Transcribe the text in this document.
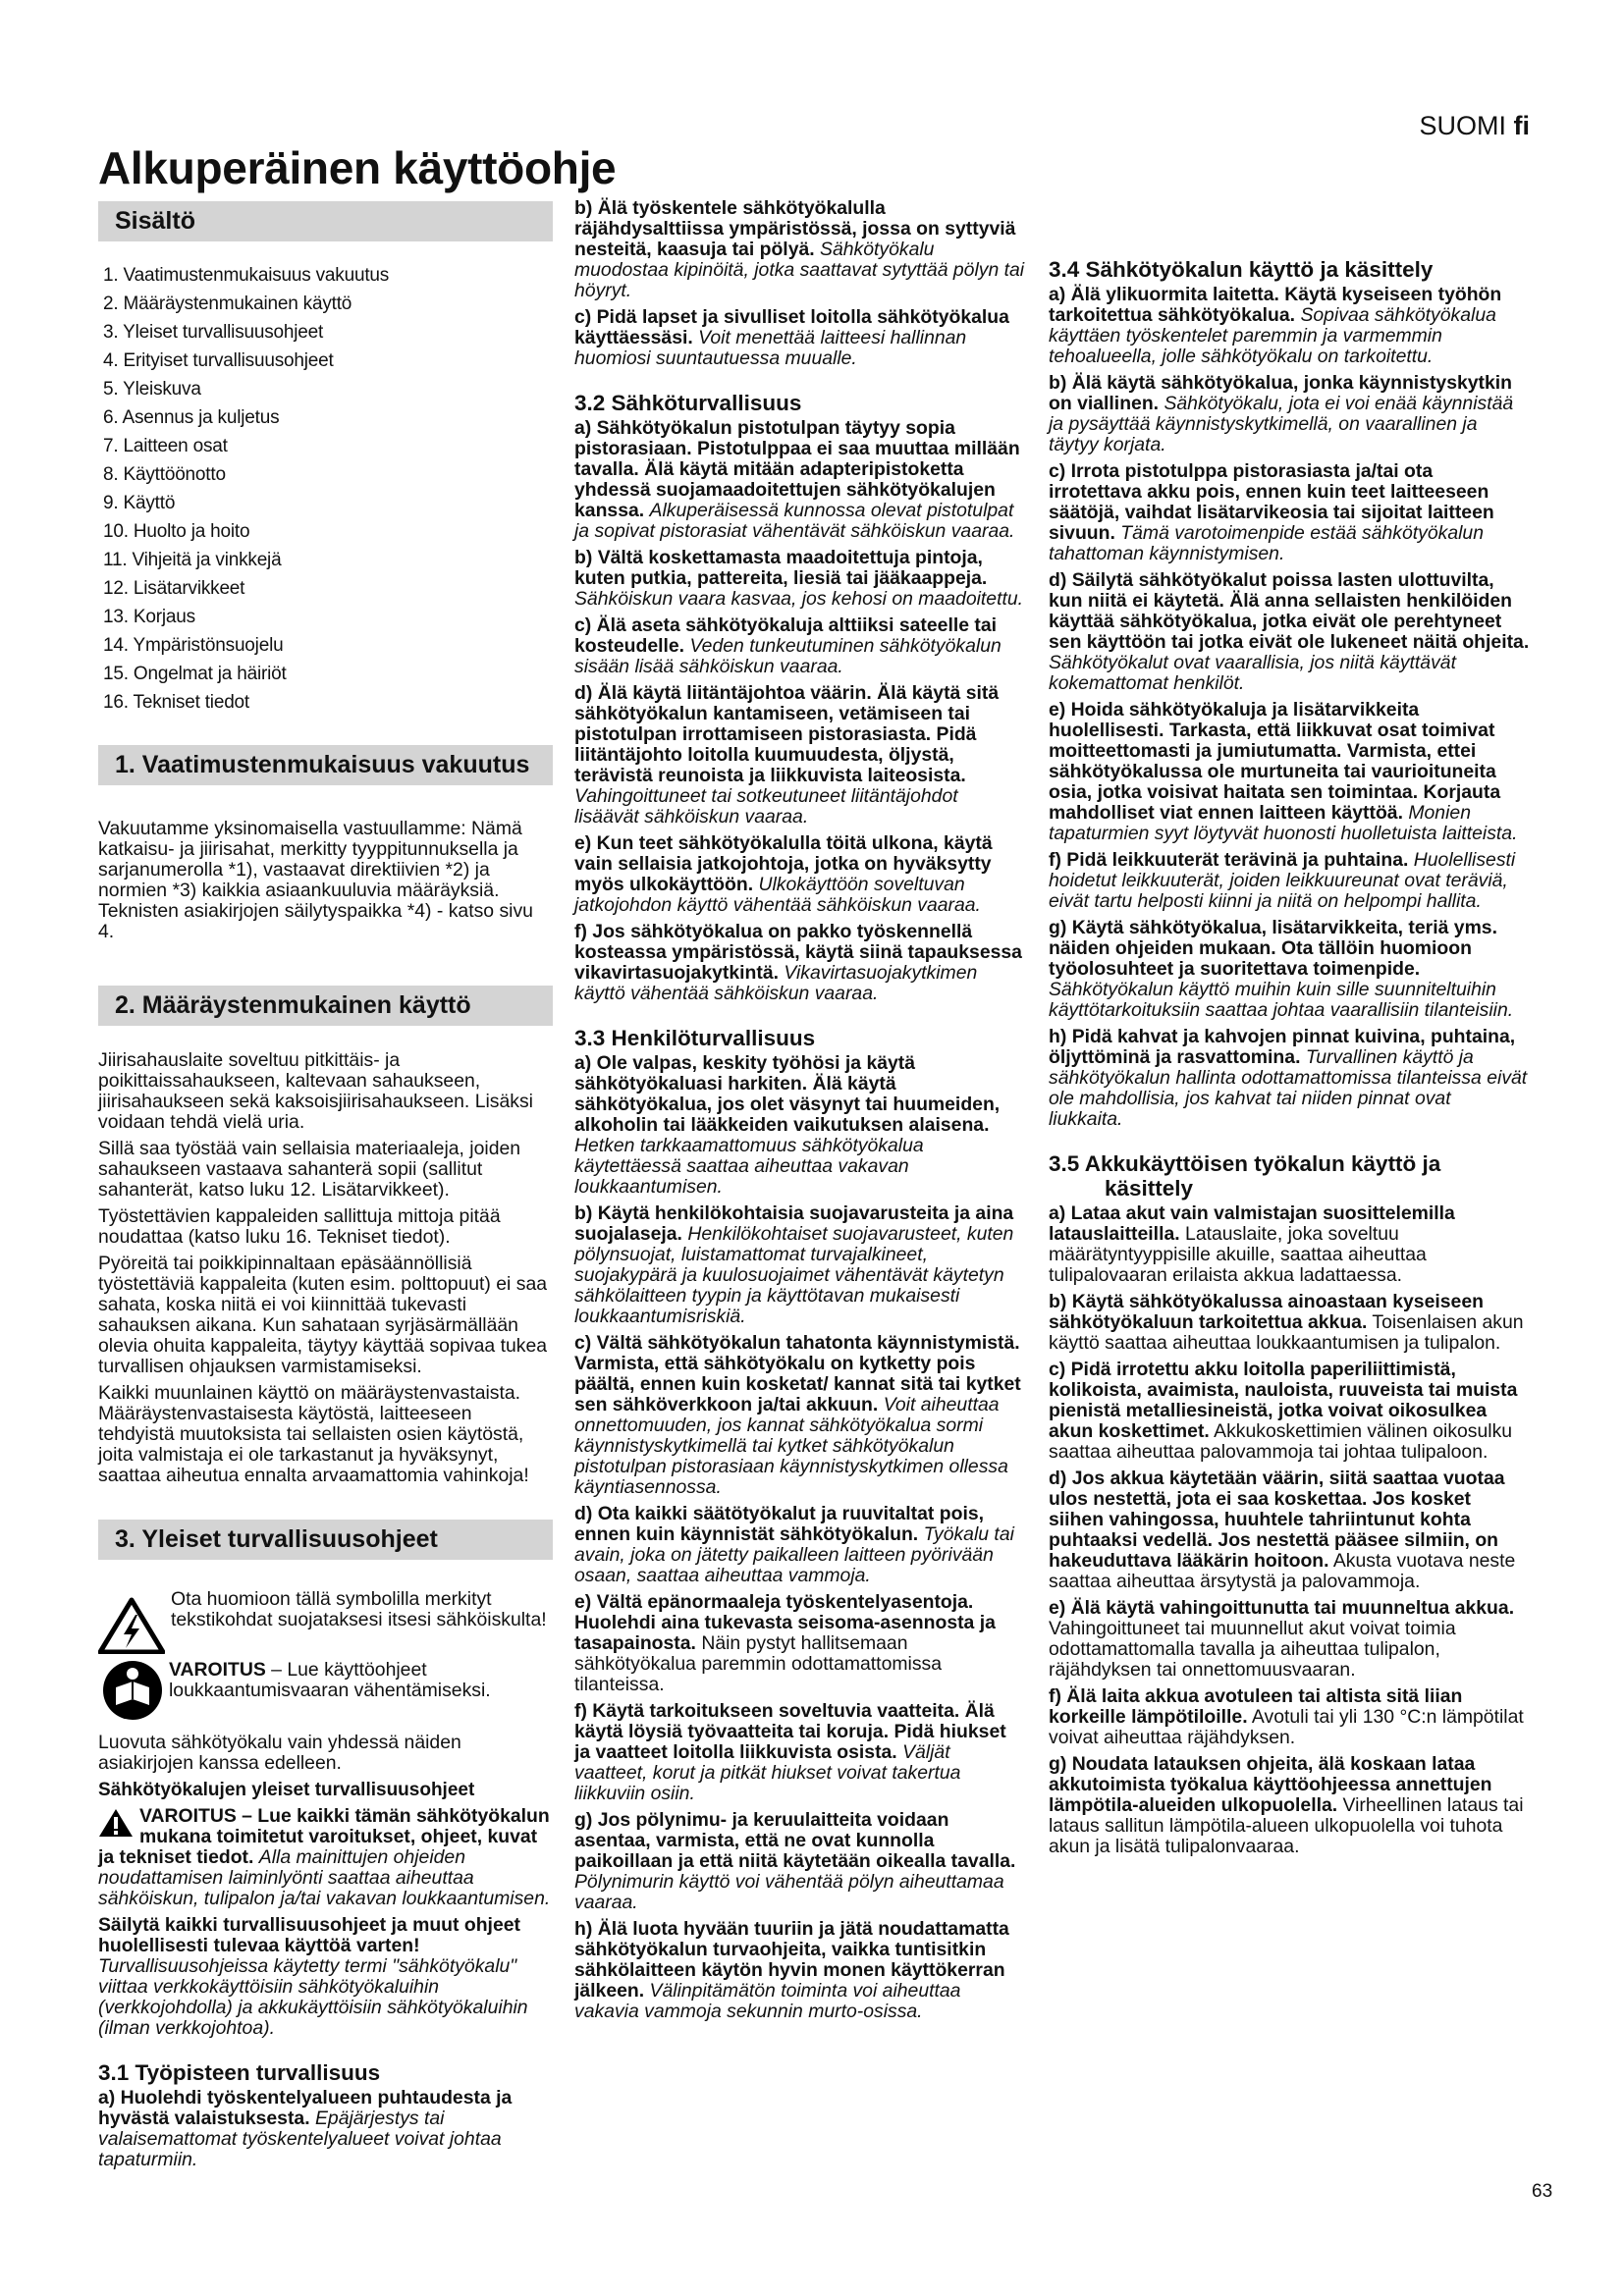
SUOMI fi
Alkuperäinen käyttöohje
63
Sisältö
1. Vaatimustenmukaisuus vakuutus
2. Määräystenmukainen käyttö
3. Yleiset turvallisuusohjeet
4. Erityiset turvallisuusohjeet
5. Yleiskuva
6. Asennus ja kuljetus
7. Laitteen osat
8. Käyttöönotto
9. Käyttö
10. Huolto ja hoito
11. Vihjeitä ja vinkkejä
12. Lisätarvikkeet
13. Korjaus
14. Ympäristönsuojelu
15. Ongelmat ja häiriöt
16. Tekniset tiedot
1. Vaatimustenmukaisuus vakuutus
Vakuutamme yksinomaisella vastuullamme: Nämä katkaisu- ja jiirisahat, merkitty tyyppitunnuksella ja sarjanumerolla *1), vastaavat direktiivien *2) ja normien *3) kaikkia asiaankuuluvia määräyksiä. Teknisten asiakirjojen säilytyspaikka *4) - katso sivu 4.
2. Määräystenmukainen käyttö
Jiirisahauslaite soveltuu pitkittäis- ja poikittaissahaukseen, kaltevaan sahaukseen, jiirisahaukseen sekä kaksoisjiirisahaukseen. Lisäksi voidaan tehdä vielä uria.
Sillä saa työstää vain sellaisia materiaaleja, joiden sahaukseen vastaava sahanterä sopii (sallitut sahanterät, katso luku 12. Lisätarvikkeet).
Työstettävien kappaleiden sallittuja mittoja pitää noudattaa (katso luku 16. Tekniset tiedot).
Pyöreitä tai poikkipinnaltaan epäsäännöllisiä työstettäviä kappaleita (kuten esim. polttopuut) ei saa sahata, koska niitä ei voi kiinnittää tukevasti sahauksen aikana. Kun sahataan syrjäsärmällään olevia ohuita kappaleita, täytyy käyttää sopivaa tukea turvallisen ohjauksen varmistamiseksi.
Kaikki muunlainen käyttö on määräystenvastaista. Määräystenvastaisesta käytöstä, laitteeseen tehdyistä muutoksista tai sellaisten osien käytöstä, joita valmistaja ei ole tarkastanut ja hyväksynyt, saattaa aiheutua ennalta arvaamattomia vahinkoja!
3. Yleiset turvallisuusohjeet
Ota huomioon tällä symbolilla merkityt tekstikohdat suojataksesi itsesi sähköiskulta!
VAROITUS – Lue käyttöohjeet loukkaantumisvaaran vähentämiseksi.
Luovuta sähkötyökalu vain yhdessä näiden asiakirjojen kanssa edelleen.
Sähkötyökalujen yleiset turvallisuusohjeet
VAROITUS – Lue kaikki tämän sähkötyökalun mukana toimitetut varoitukset, ohjeet, kuvat ja tekniset tiedot. Alla mainittujen ohjeiden noudattamisen laiminlyönti saattaa aiheuttaa sähköiskun, tulipalon ja/tai vakavan loukkaantumisen.
Säilytä kaikki turvallisuusohjeet ja muut ohjeet huolellisesti tulevaa käyttöä varten! Turvallisuusohjeissa käytetty termi "sähkötyökalu" viittaa verkkokäyttöisiin sähkötyökaluihin (verkkojohdolla) ja akkukäyttöisiin sähkötyökaluihin (ilman verkkojohtoa).
3.1 Työpisteen turvallisuus
a) Huolehdi työskentelyalueen puhtaudesta ja hyvästä valaistuksesta. Epäjärjestys tai valaisemattomat työskentelyalueet voivat johtaa tapaturmiin.
b) Älä työskentele sähkötyökalulla räjähdysalttiissa ympäristössä, jossa on syttyviä nesteitä, kaasuja tai pölyä. Sähkötyökalu muodostaa kipinöitä, jotka saattavat sytyttää pölyn tai höyryt.
c) Pidä lapset ja sivulliset loitolla sähkötyökalua käyttäessäsi. Voit menettää laitteesi hallinnan huomiosi suuntautuessa muualle.
3.2 Sähköturvallisuus
a) Sähkötyökalun pistotulpan täytyy sopia pistorasiaan. Pistotulppaa ei saa muuttaa millään tavalla. Älä käytä mitään adapteripistoketta yhdessä suojamaadoitettujen sähkötyökalujen kanssa. Alkuperäisessä kunnossa olevat pistotulpat ja sopivat pistorasiat vähentävät sähköiskun vaaraa.
b) Vältä koskettamasta maadoitettuja pintoja, kuten putkia, pattereita, liesiä tai jääkaappeja. Sähköiskun vaara kasvaa, jos kehosi on maadoitettu.
c) Älä aseta sähkötyökaluja alttiiksi sateelle tai kosteudelle. Veden tunkeutuminen sähkötyökalun sisään lisää sähköiskun vaaraa.
d) Älä käytä liitäntäjohtoa väärin. Älä käytä sitä sähkötyökalun kantamiseen, vetämiseen tai pistotulpan irrottamiseen pistorasiasta. Pidä liitäntäjohto loitolla kuumuudesta, öljystä, terävistä reunoista ja liikkuvista laiteosista. Vahingoittuneet tai sotkeutuneet liitäntäjohdot lisäävät sähköiskun vaaraa.
e) Kun teet sähkötyökalulla töitä ulkona, käytä vain sellaisia jatkojohtoja, jotka on hyväksytty myös ulkokäyttöön. Ulkokäyttöön soveltuvan jatkojohdon käyttö vähentää sähköiskun vaaraa.
f) Jos sähkötyökalua on pakko työskennellä kosteassa ympäristössä, käytä siinä tapauksessa vikavirtasuojakytkintä. Vikavirtasuojakytkimen käyttö vähentää sähköiskun vaaraa.
3.3 Henkilöturvallisuus
a) Ole valpas, keskity työhösi ja käytä sähkötyökaluasi harkiten. Älä käytä sähkötyökalua, jos olet väsynyt tai huumeiden, alkoholin tai lääkkeiden vaikutuksen alaisena. Hetken tarkkaamattomuus sähkötyökalua käytettäessä saattaa aiheuttaa vakavan loukkaantumisen.
b) Käytä henkilökohtaisia suojavarusteita ja aina suojalaseja. Henkilökohtaiset suojavarusteet, kuten pölynsuojat, luistamattomat turvajalkineet, suojakypärä ja kuulosuojaimet vähentävät käytetyn sähkölaitteen tyypin ja käyttötavan mukaisesti loukkaantumisriskiä.
c) Vältä sähkötyökalun tahatonta käynnistymistä. Varmista, että sähkötyökalu on kytketty pois päältä, ennen kuin kosketat/ kannat sitä tai kytket sen sähköverkkoon ja/tai akkuun. Voit aiheuttaa onnettomuuden, jos kannat sähkötyökalua sormi käynnistyskytkimellä tai kytket sähkötyökalun pistotulpan pistorasiaan käynnistyskytkimen ollessa käyntiasennossa.
d) Ota kaikki säätötyökalut ja ruuvitaltat pois, ennen kuin käynnistät sähkötyökalun. Työkalu tai avain, joka on jätetty paikalleen laitteen pyörivään osaan, saattaa aiheuttaa vammoja.
e) Vältä epänormaaleja työskentelyasentoja. Huolehdi aina tukevasta seisoma-asennosta ja tasapainosta. Näin pystyt hallitsemaan sähkötyökalua paremmin odottamattomissa tilanteissa.
f) Käytä tarkoitukseen soveltuvia vaatteita. Älä käytä löysiä työvaatteita tai koruja. Pidä hiukset ja vaatteet loitolla liikkuvista osista. Väljät vaatteet, korut ja pitkät hiukset voivat takertua liikkuviin osiin.
g) Jos pölynimu- ja keruulaitteita voidaan asentaa, varmista, että ne ovat kunnolla paikoillaan ja että niitä käytetään oikealla tavalla. Pölynimurin käyttö voi vähentää pölyn aiheuttamaa vaaraa.
h) Älä luota hyvään tuuriin ja jätä noudattamatta sähkötyökalun turvaohjeita, vaikka tuntisitkin sähkölaitteen käytön hyvin monen käyttökerran jälkeen. Välinpitämätön toiminta voi aiheuttaa vakavia vammoja sekunnin murto-osissa.
3.4 Sähkötyökalun käyttö ja käsittely
a) Älä ylikuormita laitetta. Käytä kyseiseen työhön tarkoitettua sähkötyökalua. Sopivaa sähkötyökalua käyttäen työskentelet paremmin ja varmemmin tehoalueella, jolle sähkötyökalu on tarkoitettu.
b) Älä käytä sähkötyökalua, jonka käynnistyskytkin on viallinen. Sähkötyökalu, jota ei voi enää käynnistää ja pysäyttää käynnistyskytkimellä, on vaarallinen ja täytyy korjata.
c) Irrota pistotulppa pistorasiasta ja/tai ota irrotettava akku pois, ennen kuin teet laitteeseen säätöjä, vaihdat lisätarvikeosia tai sijoitat laitteen sivuun. Tämä varotoimenpide estää sähkötyökalun tahattoman käynnistymisen.
d) Säilytä sähkötyökalut poissa lasten ulottuvilta, kun niitä ei käytetä. Älä anna sellaisten henkilöiden käyttää sähkötyökalua, jotka eivät ole perehtyneet sen käyttöön tai jotka eivät ole lukeneet näitä ohjeita. Sähkötyökalut ovat vaarallisia, jos niitä käyttävät kokemattomat henkilöt.
e) Hoida sähkötyökaluja ja lisätarvikkeita huolellisesti. Tarkasta, että liikkuvat osat toimivat moitteettomasti ja jumiutumatta. Varmista, ettei sähkötyökalussa ole murtuneita tai vaurioituneita osia, jotka voisivat haitata sen toimintaa. Korjauta mahdolliset viat ennen laitteen käyttöä. Monien tapaturmien syyt löytyvät huonosti huolletuista laitteista.
f) Pidä leikkuuterät terävinä ja puhtaina. Huolellisesti hoidetut leikkuuterät, joiden leikkuureunat ovat teräviä, eivät tartu helposti kiinni ja niitä on helpompi hallita.
g) Käytä sähkötyökalua, lisätarvikkeita, teriä yms. näiden ohjeiden mukaan. Ota tällöin huomioon työolosuhteet ja suoritettava toimenpide. Sähkötyökalun käyttö muihin kuin sille suunniteltuihin käyttötarkoituksiin saattaa johtaa vaarallisiin tilanteisiin.
h) Pidä kahvat ja kahvojen pinnat kuivina, puhtaina, öljyttöminä ja rasvattomina. Turvallinen käyttö ja sähkötyökalun hallinta odottamattomissa tilanteissa eivät ole mahdollisia, jos kahvat tai niiden pinnat ovat liukkaita.
3.5 Akkukäyttöisen työkalun käyttö ja käsittely
a) Lataa akut vain valmistajan suosittelemilla latauslaitteilla. Latauslaite, joka soveltuu määrätyntyyppisille akuille, saattaa aiheuttaa tulipalovaaran erilaista akkua ladattaessa.
b) Käytä sähkötyökalussa ainoastaan kyseiseen sähkötyökaluun tarkoitettua akkua. Toisenlaisen akun käyttö saattaa aiheuttaa loukkaantumisen ja tulipalon.
c) Pidä irrotettu akku loitolla paperiliittimistä, kolikoista, avaimista, nauloista, ruuveista tai muista pienistä metalliesineistä, jotka voivat oikosulkea akun koskettimet. Akkukoskettimien välinen oikosulku saattaa aiheuttaa palovammoja tai johtaa tulipaloon.
d) Jos akkua käytetään väärin, siitä saattaa vuotaa ulos nestettä, jota ei saa koskettaa. Jos kosket siihen vahingossa, huuhtele tahriintunut kohta puhtaaksi vedellä. Jos nestettä pääsee silmiin, on hakeuduttava lääkärin hoitoon. Akusta vuotava neste saattaa aiheuttaa ärsytystä ja palovammoja.
e) Älä käytä vahingoittunutta tai muunneltua akkua. Vahingoittuneet tai muunnellut akut voivat toimia odottamattomalla tavalla ja aiheuttaa tulipalon, räjähdyksen tai onnettomuusvaaran.
f) Älä laita akkua avotuleen tai altista sitä liian korkeille lämpötiloille. Avotuli tai yli 130 °C:n lämpötilat voivat aiheuttaa räjähdyksen.
g) Noudata latauksen ohjeita, älä koskaan lataa akkutoimista työkalua käyttöohjeessa annettujen lämpötila-alueiden ulkopuolella. Virheellinen lataus tai lataus sallitun lämpötila-alueen ulkopuolella voi tuhota akun ja lisätä tulipalonvaaraa.
